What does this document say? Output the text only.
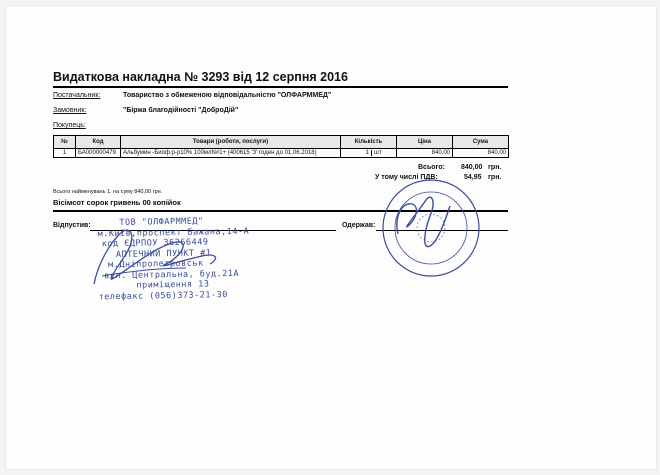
Видаткова накладна № 3293 від 12 серпня 2016
Постачальник:	Товариство з обмеженою відповідальністю "ОЛФАРММЕД"
Замовник:	"Біржа благодійності "ДоброДій"
Покупець:
№	Код	Товари (роботи, послуги)	Кількість	Ціна	Сума
1	БА000000479	Альбумин -Биоф.р-р10% 100млN#1+ (400615 'З' годен до 01.06.2018)	1 шт	840,00	840,00
Всього: 840,00 грн.
У тому числі ПДВ:	54,95 грн.
Всього найменувань 1, на суму 840,00 грн.
Вісімсот сорок гривень 00 копійок
Відпустив:	Одержав:
ТОВ "ОЛФАРММЕД"
м.Київ,проспект Бажана,14-А
код ЄДРПОУ 36266449
АПТЕЧНИЙ ПУНКТ #1
м.Дніпропетровськ
вул. Центральна, буд.21А
приміщення 13
телефакс (056)373-21-30
